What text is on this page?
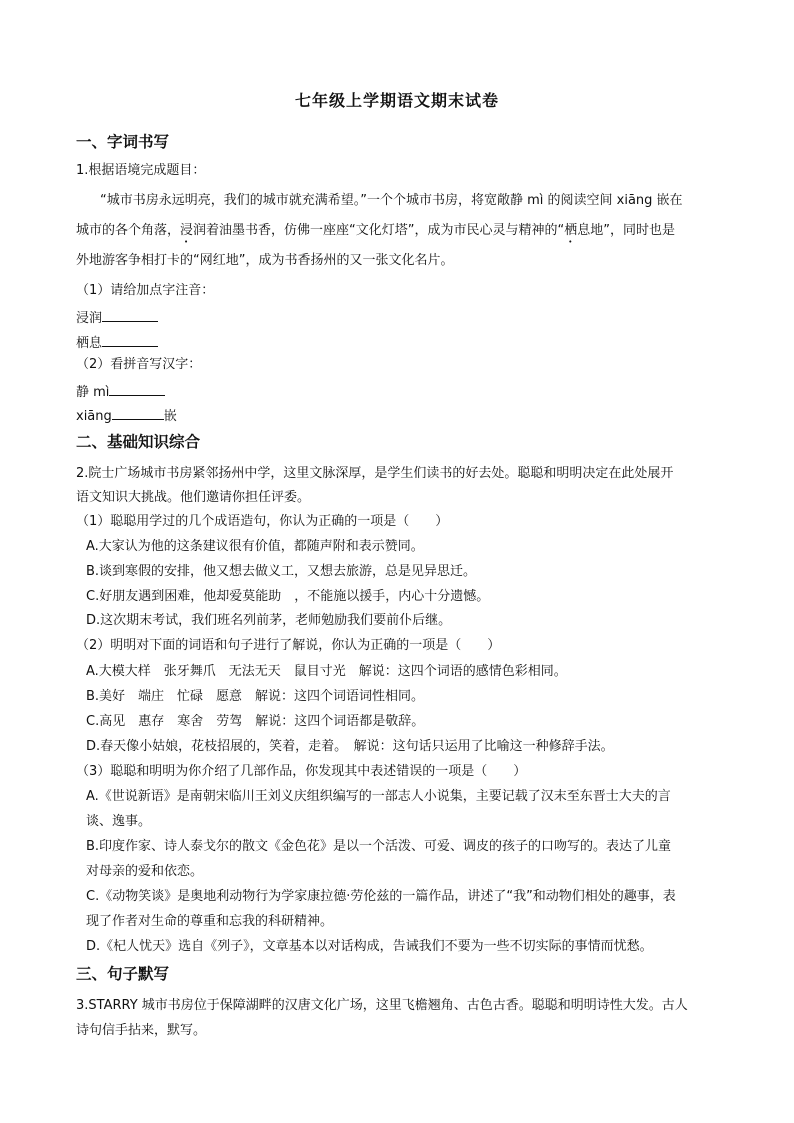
七年级上学期语文期末试卷
一、字词书写
1.根据语境完成题目：
“城市书房永远明亮，我们的城市就充满希望。”一个个城市书房，将宽敞静 mì 的阅读空间 xiāng 嵌在
城市的各个角落，浸润着油墨书香，仿佛一座座“文化灯塔”，成为市民心灵与精神的“栖息地”，同时也是
外地游客争相打卡的“网红地”，成为书香扬州的又一张文化名片。
（1）请给加点字注音：
浸润
栖息
（2）看拼音写汉字：
静 mì
xiāng	嵌
二、基础知识综合
2.院士广场城市书房紧邻扬州中学，这里文脉深厚，是学生们读书的好去处。聪聪和明明决定在此处展开
语文知识大挑战。他们邀请你担任评委。
（1）聪聪用学过的几个成语造句，你认为正确的一项是（　　）
A.大家认为他的这条建议很有价值，都随声附和表示赞同。
B.谈到寒假的安排，他又想去做义工，又想去旅游，总是见异思迁。
C.好朋友遇到困难，他却爱莫能助　，不能施以援手，内心十分遗憾。
D.这次期末考试，我们班名列前茅，老师勉励我们要前仆后继。
（2）明明对下面的词语和句子进行了解说，你认为正确的一项是（　　）
A.大模大样　张牙舞爪　无法无天　鼠目寸光　解说：这四个词语的感情色彩相同。
B.美好　端庄　忙碌　愿意　解说：这四个词语词性相同。
C.高见　惠存　寒舍　劳驾　解说：这四个词语都是敬辞。
D.春天像小姑娘，花枝招展的，笑着，走着。　解说：这句话只运用了比喻这一种修辞手法。
（3）聪聪和明明为你介绍了几部作品，你发现其中表述错误的一项是（　　）
A.《世说新语》是南朝宋临川王刘义庆组织编写的一部志人小说集，主要记载了汉末至东晋士大夫的言
谈、逸事。
B.印度作家、诗人泰戈尔的散文《金色花》是以一个活泼、可爱、调皮的孩子的口吻写的。表达了儿童
对母亲的爱和依恋。
C.《动物笑谈》是奥地利动物行为学家康拉德·劳伦兹的一篇作品，讲述了“我”和动物们相处的趣事，表
现了作者对生命的尊重和忘我的科研精神。
D.《杞人忧天》选自《列子》，文章基本以对话构成，告诫我们不要为一些不切实际的事情而忧愁。
三、句子默写
3.STARRY 城市书房位于保障湖畔的汉唐文化广场，这里飞檐翘角、古色古香。聪聪和明明诗性大发。古人
诗句信手拈来，默写。
